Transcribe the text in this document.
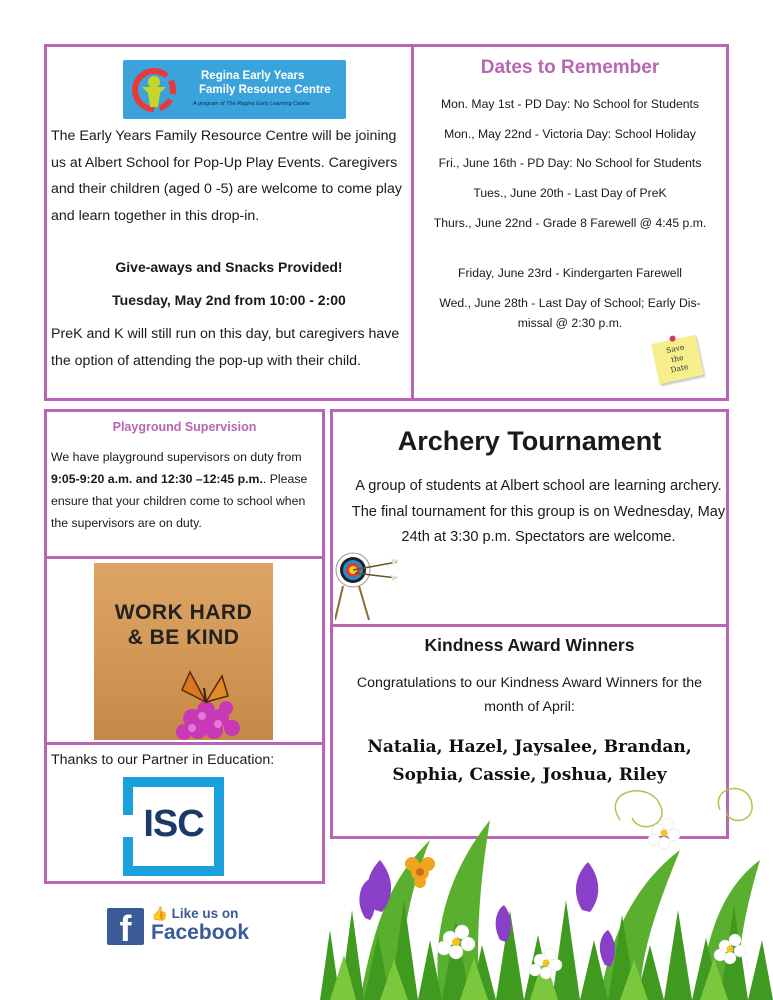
Regina Early Years
Family Resource Centre
A program of The Regina Early Learning Centre
The Early Years Family Resource Centre will be joining us at Albert School for Pop-Up Play Events. Caregivers and their children (aged 0 -5) are welcome to come play and learn together in this drop-in.
Give-aways and Snacks Provided!
Tuesday, May 2nd from 10:00 - 2:00
PreK and K will still run on this day, but caregivers have the option of attending the pop-up with their child.
Dates to Remember
Mon. May 1st - PD Day: No School for Students
Mon., May 22nd - Victoria Day: School Holiday
Fri., June 16th - PD Day: No School for Students
Tues., June 20th - Last Day of PreK
Thurs., June 22nd - Grade 8 Farewell @ 4:45 p.m.
Friday, June 23rd - Kindergarten Farewell
Wed., June 28th - Last Day of School; Early Dis-missal @ 2:30 p.m.
Save
the
Date
Playground Supervision
We have playground supervisors on duty from 9:05-9:20 a.m. and 12:30 –12:45 p.m.. Please ensure that your children come to school when the supervisors are on duty.
WORK HARD
& BE KIND
Thanks to our Partner in Education:
ISC
Archery Tournament
A group of students at Albert school are learning archery. The final tournament for this group is on Wednesday, May 24th at 3:30 p.m. Spectators are welcome.
Kindness Award Winners
Congratulations to our Kindness Award Winners for the month of April:
Natalia, Hazel, Jaysalee, Brandan,
Sophia, Cassie, Joshua, Riley
f	👍 Like us on
Facebook
